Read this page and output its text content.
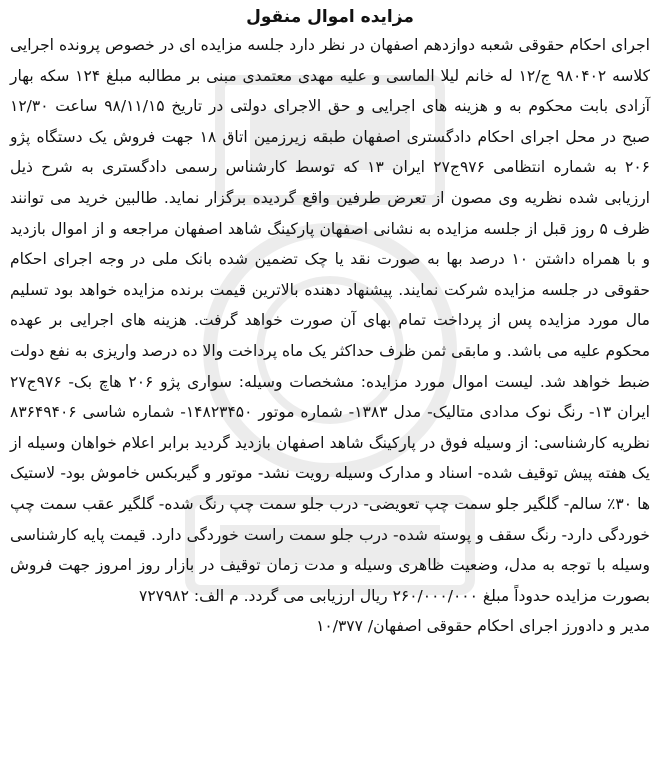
مزایده اموال منقول

اجرای احکام حقوقی شعبه دوازدهم اصفهان در نظر دارد جلسه مزایده ای در خصوص پرونده اجرایی کلاسه ۹۸۰۴۰۲ ج/۱۲ له خانم لیلا الماسی و علیه مهدی معتمدی مبنی بر مطالبه مبلغ ۱۲۴ سکه بهار آزادی بابت محکوم به و هزینه های اجرایی و حق الاجرای دولتی در تاریخ ۹۸/۱۱/۱۵ ساعت ۱۲/۳۰ صبح در محل اجرای احکام دادگستری اصفهان طبقه زیرزمین اتاق ۱۸ جهت فروش یک دستگاه پژو ۲۰۶ به شماره انتظامی ۹۷۶ج۲۷ ایران ۱۳ که توسط کارشناس رسمی دادگستری به شرح ذیل ارزیابی شده نظریه وی مصون از تعرض طرفین واقع گردیده برگزار نماید. طالبین خرید می توانند ظرف ۵ روز قبل از جلسه مزایده به نشانی اصفهان پارکینگ شاهد اصفهان مراجعه و از اموال بازدید و با همراه داشتن ۱۰ درصد بها به صورت نقد یا چک تضمین شده بانک ملی در وجه اجرای احکام حقوقی در جلسه مزایده شرکت نمایند. پیشنهاد دهنده بالاترین قیمت برنده مزایده خواهد بود تسلیم مال مورد مزایده پس از پرداخت تمام بهای آن صورت خواهد گرفت. هزینه های اجرایی بر عهده محکوم علیه می باشد. و مابقی ثمن ظرف حداکثر یک ماه پرداخت والا ده درصد واریزی به نفع دولت ضبط خواهد شد. لیست اموال مورد مزایده: مشخصات وسیله: سواری پژو ۲۰۶ هاچ بک- ۹۷۶ج۲۷ ایران ۱۳- رنگ نوک مدادی متالیک- مدل ۱۳۸۳- شماره موتور ۱۴۸۲۳۴۵۰- شماره شاسی ۸۳۶۴۹۴۰۶ نظریه کارشناسی: از وسیله فوق در پارکینگ شاهد اصفهان بازدید گردید برابر اعلام خواهان وسیله از یک هفته پیش توقیف شده- اسناد و مدارک وسیله رویت نشد- موتور و گیربکس خاموش بود- لاستیک ها ۳۰٪ سالم- گلگیر جلو سمت چپ تعویضی- درب جلو سمت چپ رنگ شده- گلگیر عقب سمت چپ خوردگی دارد- رنگ سقف و پوسته شده- درب جلو سمت راست خوردگی دارد. قیمت پایه کارشناسی وسیله با توجه به مدل، وضعیت ظاهری وسیله و مدت زمان توقیف در بازار روز امروز جهت فروش بصورت مزایده حدوداً مبلغ ۲۶۰/۰۰۰/۰۰۰ ریال ارزیابی می گردد. م الف: ۷۲۷۹۸۲

مدیر و دادورز اجرای احکام حقوقی اصفهان/ ۱۰/۳۷۷
